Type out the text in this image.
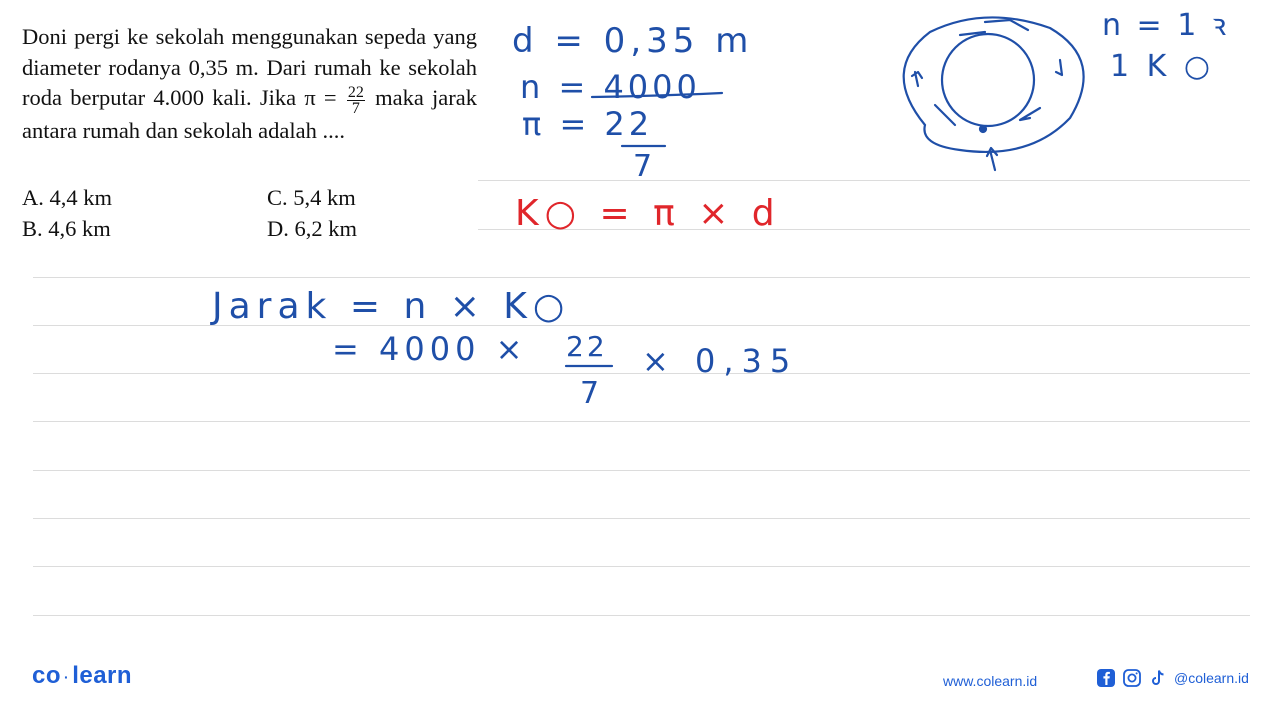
Doni pergi ke sekolah menggunakan sepeda yang diameter rodanya 0,35 m. Dari rumah ke sekolah roda berputar 4.000 kali. Jika $\pi = \frac{22}{7}$ maka jarak antara rumah dan sekolah adalah ....
A. 4,4 km
B. 4,6 km
C. 5,4 km
D. 6,2 km
d = 0,35 m
n = 4000
π = 22
7
K○ = π × d
n = 1 ꝛ
1 K ○
Jarak = n × K○
= 4000 × 22
7
× 0,35
co · learn	www.colearn.id	@colearn.id
